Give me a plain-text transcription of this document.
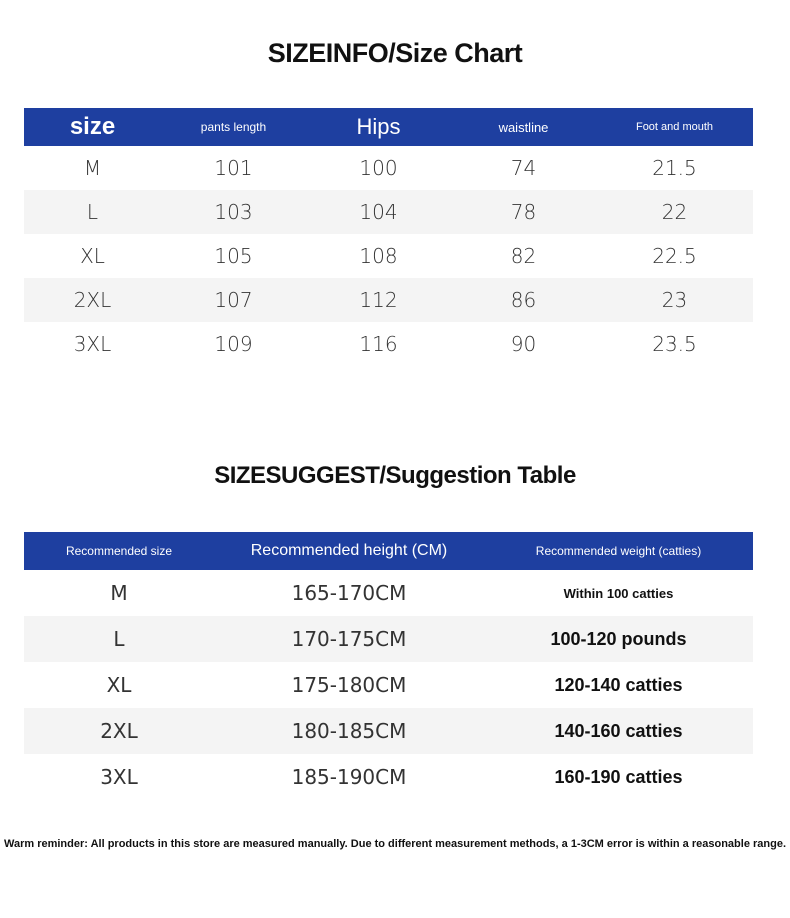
SIZEINFO/Size Chart
size	pants length	Hips	waistline	Foot and mouth
M	101	100	74	21.5
L	103	104	78	22
XL	105	108	82	22.5
2XL	107	112	86	23
3XL	109	116	90	23.5
SIZESUGGEST/Suggestion Table
Recommended size	Recommended height (CM)	Recommended weight (catties)
M	165-170CM	Within 100 catties
L	170-175CM	100-120 pounds
XL	175-180CM	120-140 catties
2XL	180-185CM	140-160 catties
3XL	185-190CM	160-190 catties
Warm reminder: All products in this store are measured manually. Due to different measurement methods, a 1-3CM error is within a reasonable range.
